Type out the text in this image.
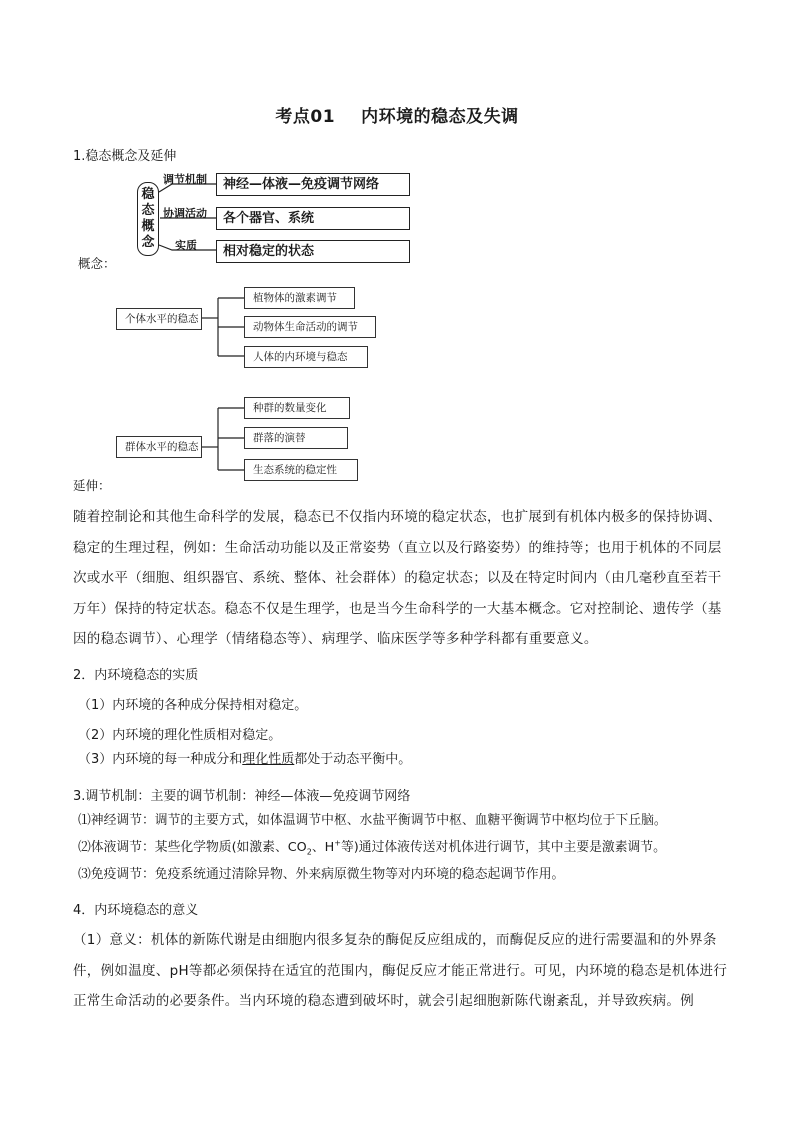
考点01 内环境的稳态及失调
1.稳态概念及延伸
稳
态
概
念
调节机制
协调活动
实质
神经—体液—免疫调节网络
各个器官、系统
相对稳定的状态
概念：
个体水平的稳态
植物体的激素调节
动物体生命活动的调节
人体的内环境与稳态
群体水平的稳态
种群的数量变化
群落的演替
生态系统的稳定性
延伸：
随着控制论和其他生命科学的发展，稳态已不仅指内环境的稳定状态，也扩展到有机体内极多的保持协调、稳定的生理过程，例如：生命活动功能以及正常姿势（直立以及行路姿势）的维持等；也用于机体的不同层次或水平（细胞、组织器官、系统、整体、社会群体）的稳定状态；以及在特定时间内（由几毫秒直至若干万年）保持的特定状态。稳态不仅是生理学，也是当今生命科学的一大基本概念。它对控制论、遗传学（基因的稳态调节）、心理学（情绪稳态等）、病理学、临床医学等多种学科都有重要意义。
2．内环境稳态的实质
（1）内环境的各种成分保持相对稳定。
（2）内环境的理化性质相对稳定。
（3）内环境的每一种成分和理化性质都处于动态平衡中。
3.调节机制：主要的调节机制：神经—体液—免疫调节网络
⑴神经调节：调节的主要方式，如体温调节中枢、水盐平衡调节中枢、血糖平衡调节中枢均位于下丘脑。
⑵体液调节：某些化学物质(如激素、$CO_2$、H+等)通过体液传送对机体进行调节，其中主要是激素调节。
⑶免疫调节：免疫系统通过清除异物、外来病原微生物等对内环境的稳态起调节作用。
4．内环境稳态的意义
（1）意义：机体的新陈代谢是由细胞内很多复杂的酶促反应组成的，而酶促反应的进行需要温和的外界条件，例如温度、pH等都必须保持在适宜的范围内，酶促反应才能正常进行。可见，内环境的稳态是机体进行正常生命活动的必要条件。当内环境的稳态遭到破坏时，就会引起细胞新陈代谢紊乱，并导致疾病。例
